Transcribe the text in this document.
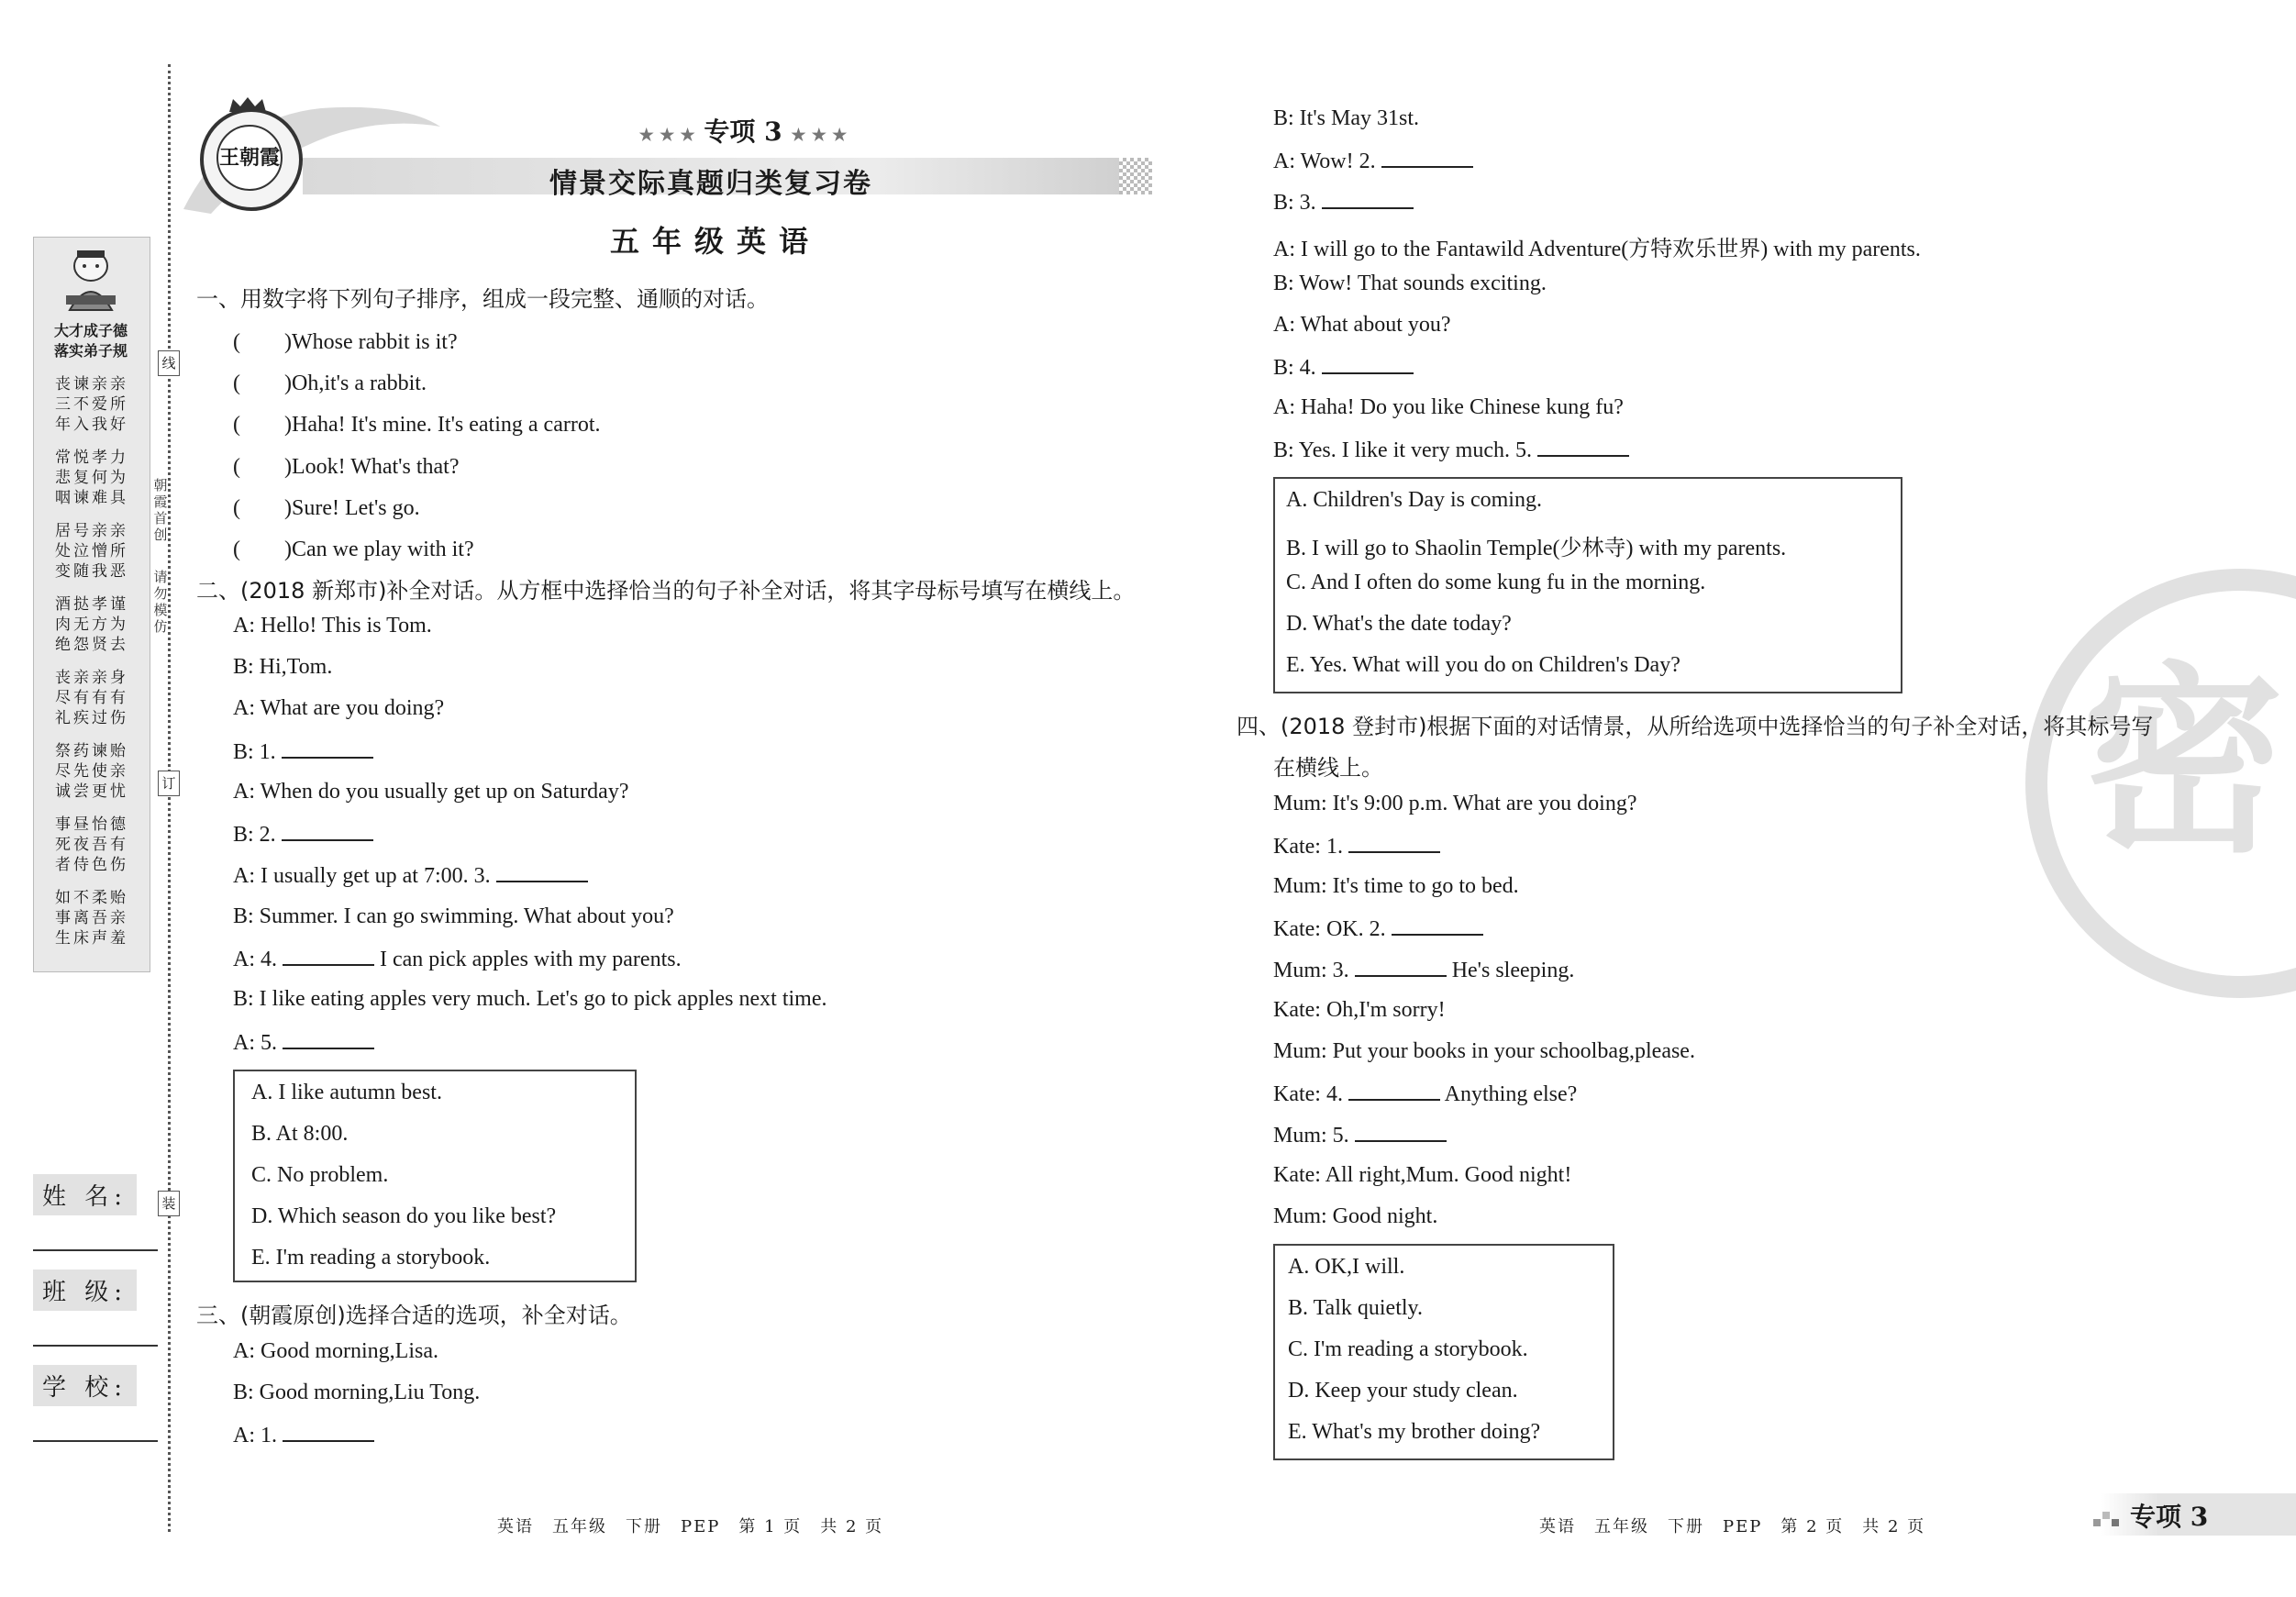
大才成子德
落实弟子规
丧谏亲亲
三不爱所
年入我好
常悦孝力
悲复何为
咽谏难具
居号亲亲
处泣憎所
变随我恶
酒挞孝谨
肉无方为
绝怨贤去
丧亲亲身
尽有有有
礼疾过伤
祭药谏贻
尽先使亲
诚尝更忧
事昼怡德
死夜吾有
者侍色伤
如不柔贻
事离吾亲
生床声羞
线
朝霞首创
请勿模仿
订
装
姓 名:
班 级:
学 校:
王朝霞
★ ★ ★ 专项 3 ★ ★ ★
情景交际真题归类复习卷
五年级英语
一、用数字将下列句子排序，组成一段完整、通顺的对话。
(　　)Whose rabbit is it?
(　　)Oh,it's a rabbit.
(　　)Haha! It's mine. It's eating a carrot.
(　　)Look! What's that?
(　　)Sure! Let's go.
(　　)Can we play with it?
二、(2018 新郑市)补全对话。从方框中选择恰当的句子补全对话，将其字母标号填写在横线上。
A: Hello! This is Tom.
B: Hi,Tom.
A: What are you doing?
B: 1.
A: When do you usually get up on Saturday?
B: 2.
A: I usually get up at 7:00. 3.
B: Summer. I can go swimming. What about you?
A: 4.	I can pick apples with my parents.
B: I like eating apples very much. Let's go to pick apples next time.
A: 5.
A. I like autumn best.
B. At 8:00.
C. No problem.
D. Which season do you like best?
E. I'm reading a storybook.
三、(朝霞原创)选择合适的选项，补全对话。
A: Good morning,Lisa.
B: Good morning,Liu Tong.
A: 1.
B: It's May 31st.
A: Wow! 2.
B: 3.
A: I will go to the Fantawild Adventure(方特欢乐世界) with my parents.
B: Wow! That sounds exciting.
A: What about you?
B: 4.
A: Haha! Do you like Chinese kung fu?
B: Yes. I like it very much. 5.
A. Children's Day is coming.
B. I will go to Shaolin Temple(少林寺) with my parents.
C. And I often do some kung fu in the morning.
D. What's the date today?
E. Yes. What will you do on Children's Day? 密
四、(2018 登封市)根据下面的对话情景，从所给选项中选择恰当的句子补全对话，将其标号写
在横线上。
Mum: It's 9:00 p.m. What are you doing?
Kate: 1.
Mum: It's time to go to bed.
Kate: OK. 2.
Mum: 3.	He's sleeping.
Kate: Oh,I'm sorry!
Mum: Put your books in your schoolbag,please.
Kate: 4.	Anything else?
Mum: 5.
Kate: All right,Mum. Good night!
Mum: Good night.
A. OK,I will.
B. Talk quietly.
C. I'm reading a storybook.
D. Keep your study clean.
E. What's my brother doing?
英语　五年级　下册　PEP　第 1 页　共 2 页	英语　五年级　下册　PEP　第 2 页　共 2 页	专项 3
